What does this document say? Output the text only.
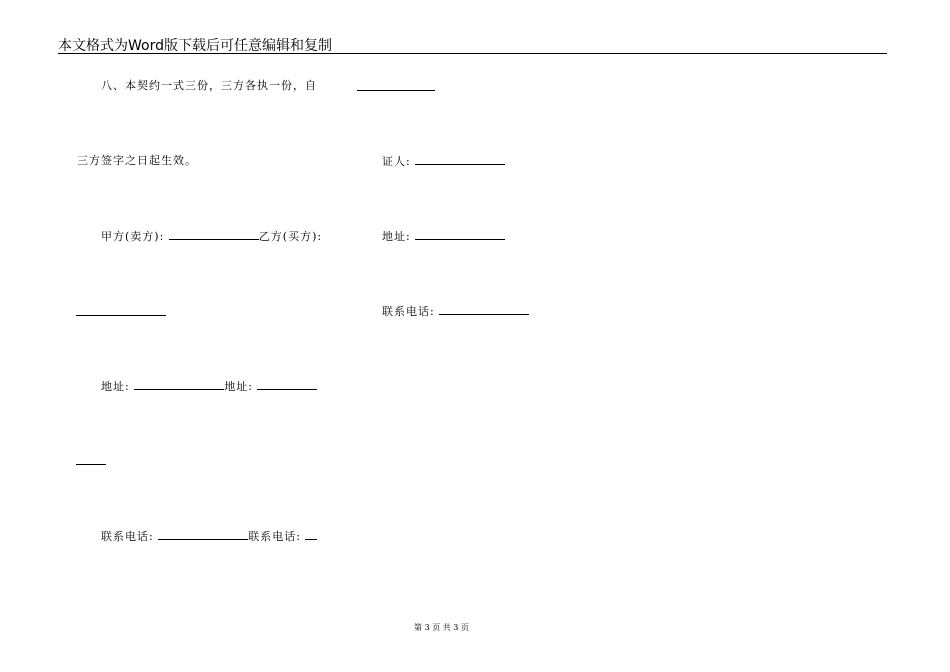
本文格式为Word版下载后可任意编辑和复制
八、本契约一式三份，三方各执一份，自
三方签字之日起生效。
甲方(卖方):	乙方(买方):
地址:	地址:
联系电话:	联系电话:
证人:
地址:
联系电话:
第 3 页 共 3 页
